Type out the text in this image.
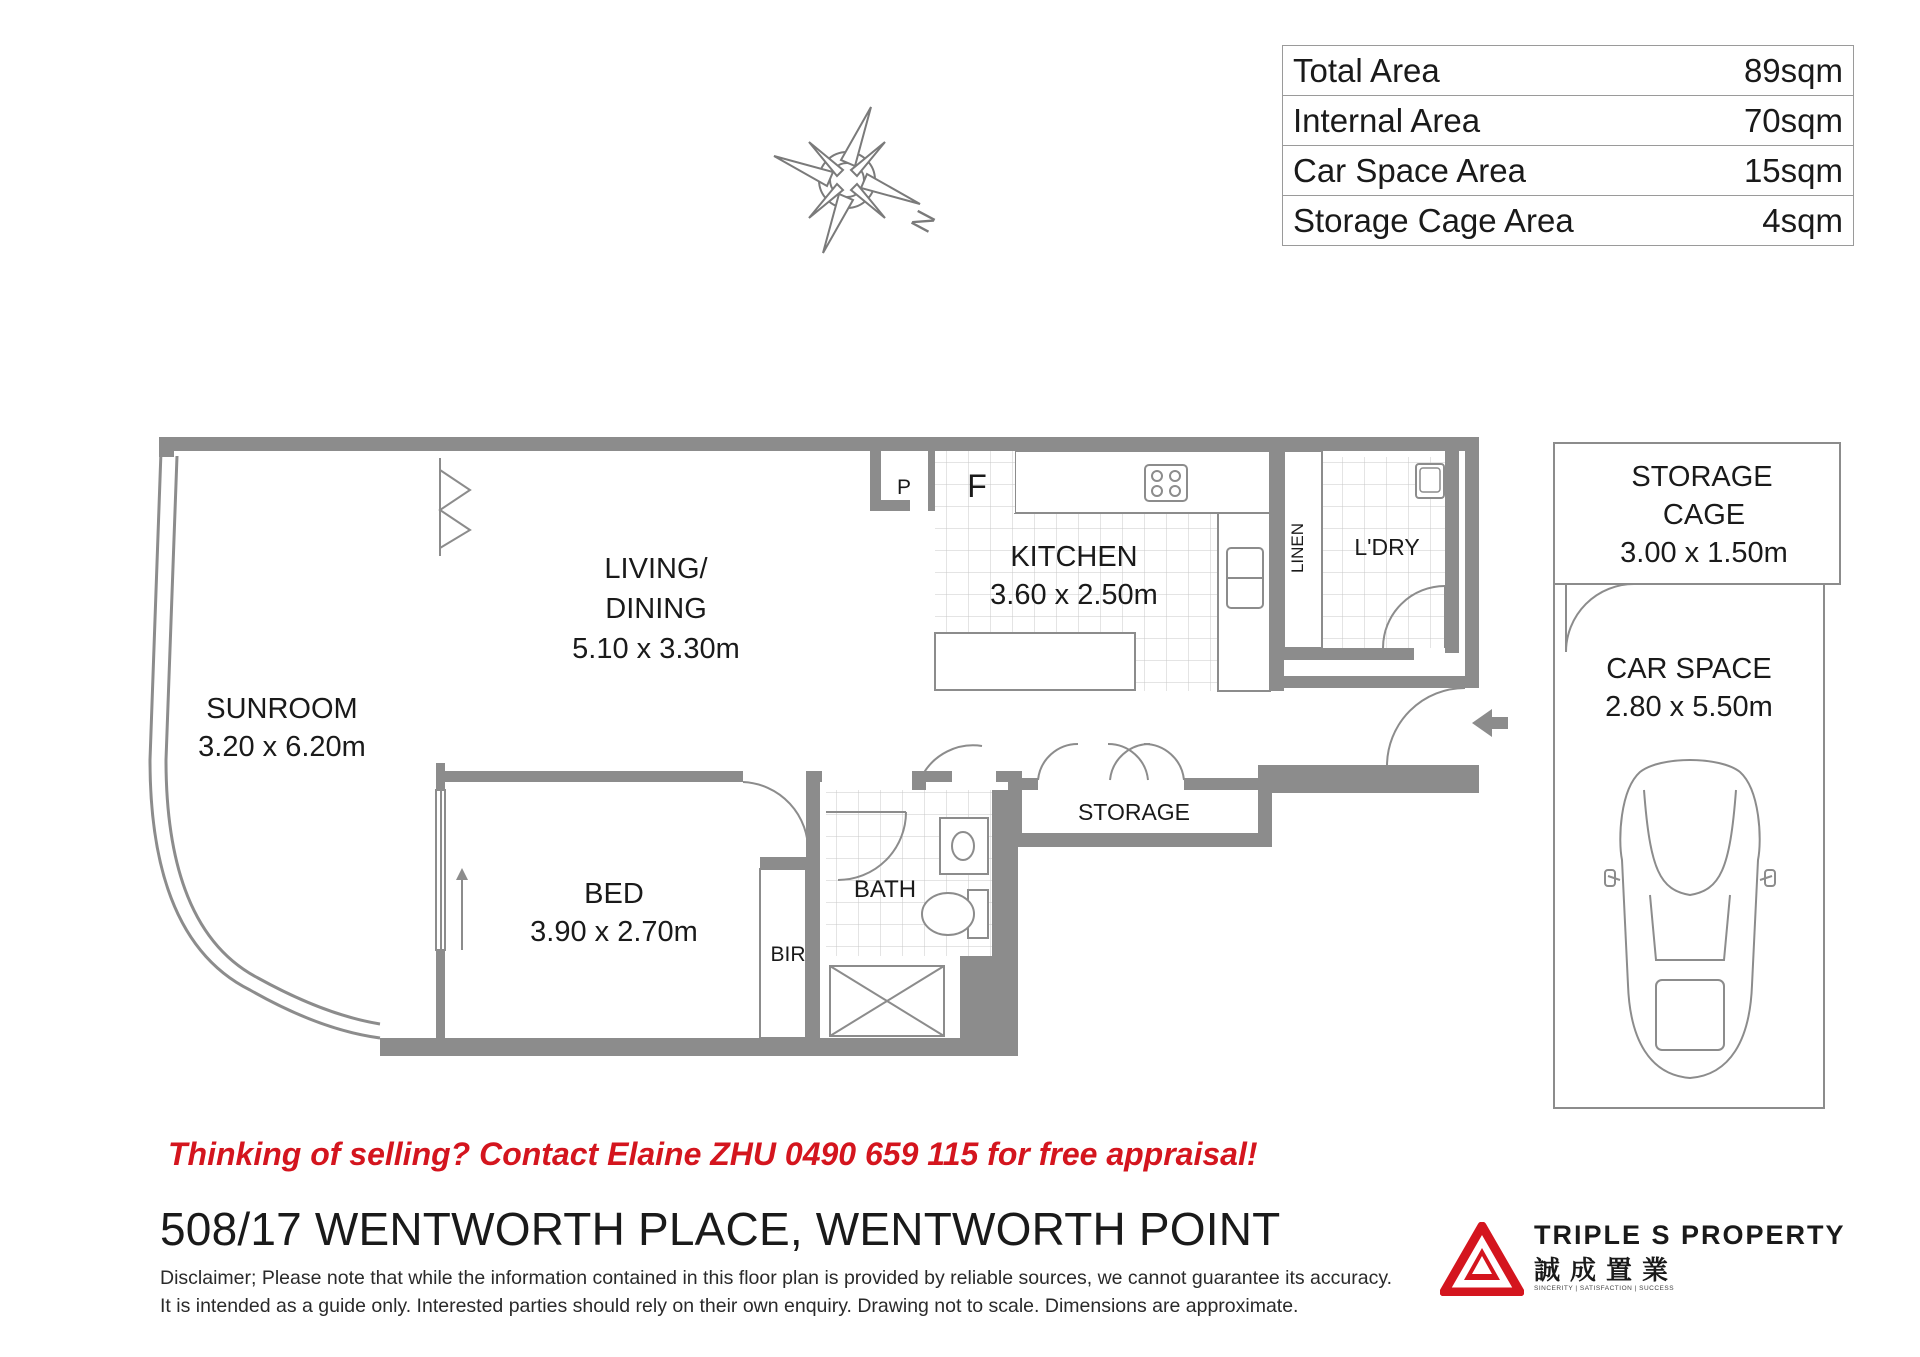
Total Area	89sqm
Internal Area	70sqm
Car Space Area	15sqm
Storage Cage Area	4sqm
N
SUNROOM
3.20 x 6.20m
LIVING/
DINING
5.10 x 3.30m
KITCHEN
3.60 x 2.50m
P F
LINEN L'DRY
BED
3.90 x 2.70m
BATH
BIR
STORAGE
STORAGE
CAGE
3.00 x 1.50m
CAR SPACE
2.80 x 5.50m
Thinking of selling? Contact Elaine ZHU 0490 659 115 for free appraisal!
508/17 WENTWORTH PLACE, WENTWORTH POINT
Disclaimer; Please note that while the information contained in this floor plan is provided by reliable sources, we cannot guarantee its accuracy.
It is intended as a guide only. Interested parties should rely on their own enquiry. Drawing not to scale. Dimensions are approximate.
TRIPLE S PROPERTY
誠成置業
SINCERITY | SATISFACTION | SUCCESS
